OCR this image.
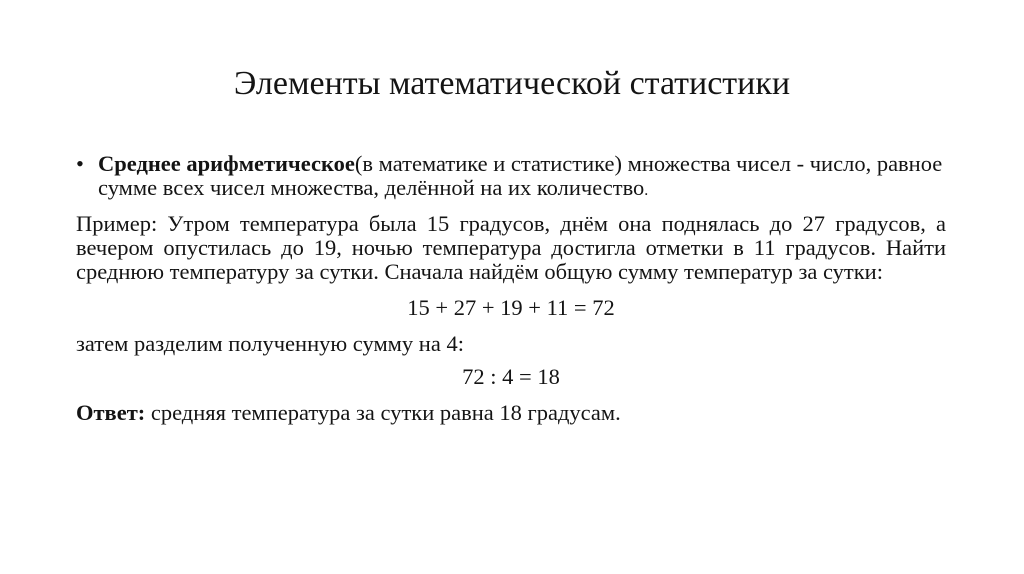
Элементы математической статистики
• Среднее арифметическое(в математике и статистике) множества чисел - число, равное сумме всех чисел множества, делённой на их количество.
Пример: Утром температура была 15 градусов, днём она поднялась до 27 градусов, а вечером опустилась до 19, ночью температура достигла отметки в 11 градусов. Найти среднюю температуру за сутки. Сначала найдём общую сумму температур за сутки:
15 + 27 + 19 + 11 = 72
затем разделим полученную сумму на 4:
72 : 4 = 18
Ответ: средняя температура за сутки равна 18 градусам.
